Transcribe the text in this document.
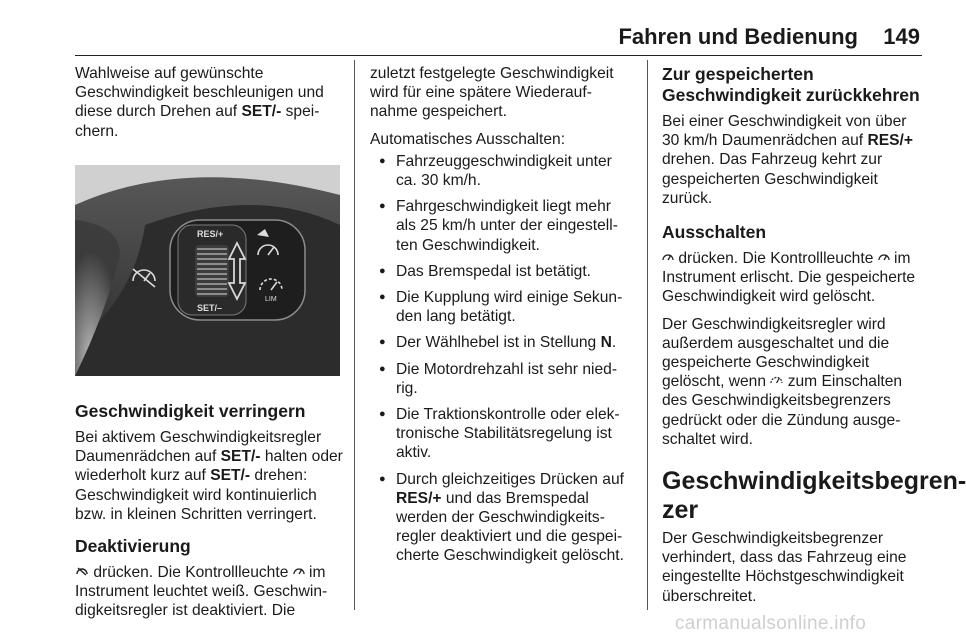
Fahren und Bedienung 149

Wahlweise auf gewünschte Geschwindigkeit beschleunigen und diese durch Drehen auf SET/- speichern.

RES/+
SET/–
LIM
Geschwindigkeit verringern

Bei aktivem Geschwindigkeitsregler Daumenrädchen auf SET/- halten oder wiederholt kurz auf SET/- drehen: Geschwindigkeit wird kontinuierlich bzw. in kleinen Schritten verringert.

Deaktivierung

drücken. Die Kontrollleuchte  im Instrument leuchtet weiß. Geschwindigkeitsregler ist deaktiviert. Die

zuletzt festgelegte Geschwindigkeit wird für eine spätere Wiederaufnahme gespeichert.

Automatisches Ausschalten:

● Fahrzeuggeschwindigkeit unter ca. 30 km/h.
● Fahrgeschwindigkeit liegt mehr als 25 km/h unter der eingestellten Geschwindigkeit.
● Das Bremspedal ist betätigt.
● Die Kupplung wird einige Sekunden lang betätigt.
● Der Wählhebel ist in Stellung N.
● Die Motordrehzahl ist sehr niedrig.
● Die Traktionskontrolle oder elektronische Stabilitätsregelung ist aktiv.
● Durch gleichzeitiges Drücken auf RES/+ und das Bremspedal werden der Geschwindigkeitsregler deaktiviert und die gespeicherte Geschwindigkeit gelöscht.
Zur gespeicherten Geschwindigkeit zurückkehren

Bei einer Geschwindigkeit von über 30 km/h Daumenrädchen auf RES/+ drehen. Das Fahrzeug kehrt zur gespeicherten Geschwindigkeit zurück.

Ausschalten

drücken. Die Kontrollleuchte  im Instrument erlischt. Die gespeicherte Geschwindigkeit wird gelöscht.

Der Geschwindigkeitsregler wird außerdem ausgeschaltet und die gespeicherte Geschwindigkeit gelöscht, wenn  zum Einschalten des Geschwindigkeitsbegrenzers gedrückt oder die Zündung ausgeschaltet wird.

Geschwindigkeitsbegrenzer

Der Geschwindigkeitsbegrenzer verhindert, dass das Fahrzeug eine eingestellte Höchstgeschwindigkeit überschreitet.

carmanualsonline.info
